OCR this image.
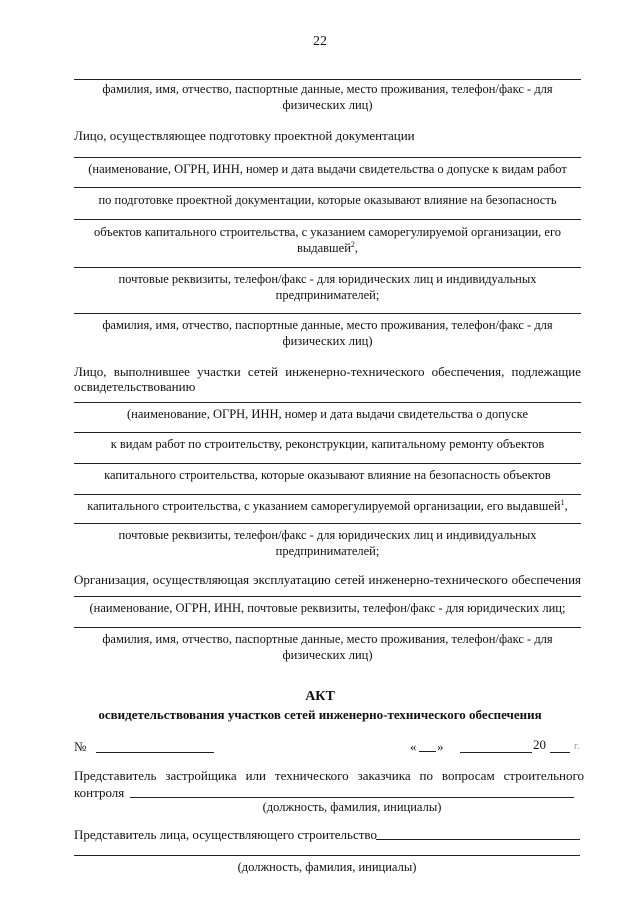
22
фамилия, имя, отчество, паспортные данные, место проживания, телефон/факс - для
физических лиц)
Лицо, осуществляющее подготовку проектной документации
(наименование, ОГРН, ИНН, номер и дата выдачи свидетельства о допуске к видам работ
по подготовке проектной документации, которые оказывают влияние на безопасность
объектов капитального строительства, с указанием саморегулируемой организации, его
выдавшей$^2$,
почтовые реквизиты, телефон/факс - для юридических лиц и индивидуальных
предпринимателей;
фамилия, имя, отчество, паспортные данные, место проживания, телефон/факс - для
физических лиц)
Лицо, выполнившее участки сетей инженерно-технического обеспечения, подлежащие
освидетельствованию
(наименование, ОГРН, ИНН, номер и дата выдачи свидетельства о допуске
к видам работ по строительству, реконструкции, капитальному ремонту объектов
капитального строительства, которые оказывают влияние на безопасность объектов
капитального строительства, с указанием саморегулируемой организации, его выдавшей$^1$,
почтовые реквизиты, телефон/факс - для юридических лиц и индивидуальных
предпринимателей;
Организация, осуществляющая эксплуатацию сетей инженерно-технического обеспечения
(наименование, ОГРН, ИНН, почтовые реквизиты, телефон/факс - для юридических лиц;
фамилия, имя, отчество, паспортные данные, место проживания, телефон/факс - для
физических лиц)
АКТ
освидетельствования участков сетей инженерно-технического обеспечения
№	« »	20	г.
Представитель застройщика или технического заказчика по вопросам строительного
контроля
(должность, фамилия, инициалы)
Представитель лица, осуществляющего строительство
(должность, фамилия, инициалы)
